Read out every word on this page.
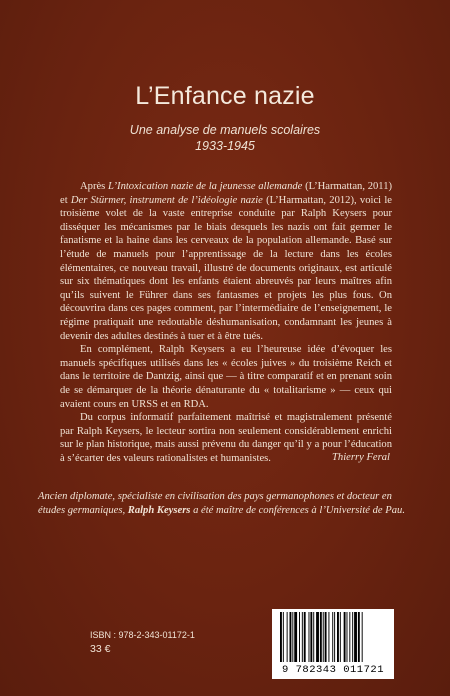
L’Enfance nazie
Une analyse de manuels scolaires
1933-1945

Après L’Intoxication nazie de la jeunesse allemande (L’Harmattan, 2011) et Der Stürmer, instrument de l’idéologie nazie (L’Harmattan, 2012), voici le troisième volet de la vaste entreprise conduite par Ralph Keysers pour disséquer les mécanismes par le biais desquels les nazis ont fait germer le fanatisme et la haine dans les cerveaux de la population allemande. Basé sur l’étude de manuels pour l’apprentissage de la lecture dans les écoles élémentaires, ce nouveau travail, illustré de documents originaux, est articulé sur six thématiques dont les enfants étaient abreuvés par leurs maîtres afin qu’ils suivent le Führer dans ses fantasmes et projets les plus fous. On découvrira dans ces pages comment, par l’intermédiaire de l’enseignement, le régime pratiquait une redoutable déshumanisation, condamnant les jeunes à devenir des adultes destinés à tuer et à être tués.

En complément, Ralph Keysers a eu l’heureuse idée d’évoquer les manuels spécifiques utilisés dans les « écoles juives » du troisième Reich et dans le territoire de Dantzig, ainsi que — à titre comparatif et en prenant soin de se démarquer de la théorie dénaturante du « totalitarisme » — ceux qui avaient cours en URSS et en RDA.

Du corpus informatif parfaitement maîtrisé et magistralement présenté par Ralph Keysers, le lecteur sortira non seulement considérablement enrichi sur le plan historique, mais aussi prévenu du danger qu’il y a pour l’éducation à s’écarter des valeurs rationalistes et humanistes.	Thierry Feral
Ancien diplomate, spécialiste en civilisation des pays germanophones et docteur en études germaniques, Ralph Keysers a été maître de conférences à l’Université de Pau.
ISBN : 978-2-343-01172-1
33 €
9 782343 011721
